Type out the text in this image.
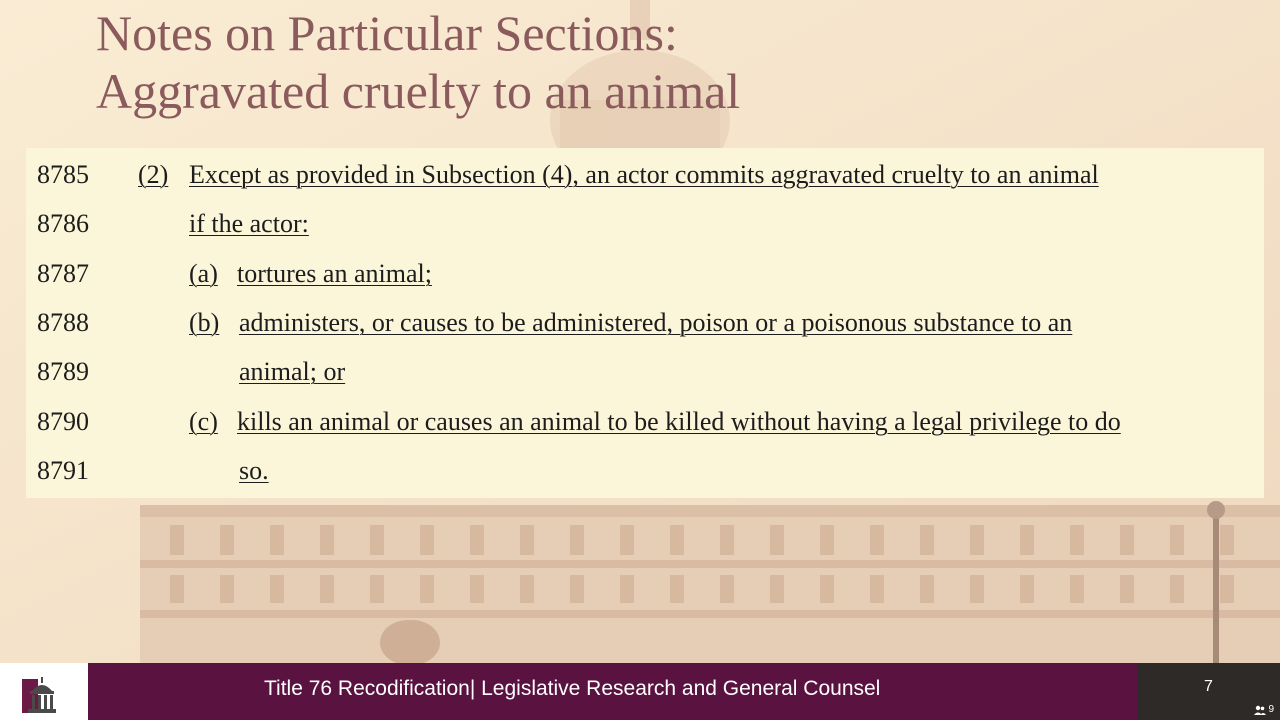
Notes on Particular Sections:
Aggravated cruelty to an animal
8785 (2) Except as provided in Subsection (4), an actor commits aggravated cruelty to an animal
8786	if the actor:
8787	(a) tortures an animal;
8788	(b) administers, or causes to be administered, poison or a poisonous substance to an
8789	animal; or
8790	(c) kills an animal or causes an animal to be killed without having a legal privilege to do
8791	so.
Title 76 Recodification| Legislative Research and General Counsel	7
9
